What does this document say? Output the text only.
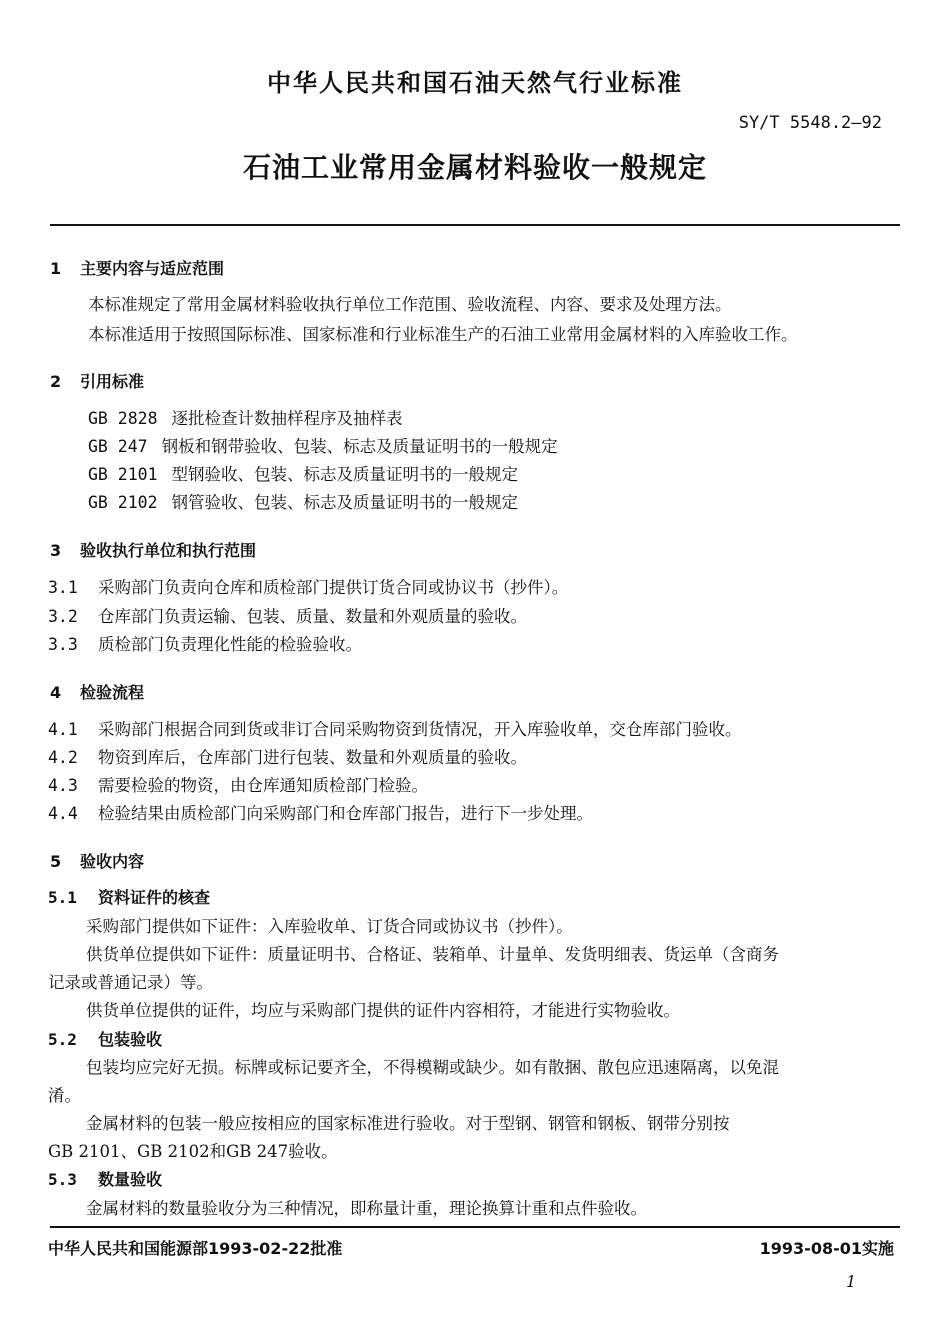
中华人民共和国石油天然气行业标准
SY/T 5548.2—92
石油工业常用金属材料验收一般规定
1 主要内容与适应范围
本标准规定了常用金属材料验收执行单位工作范围、验收流程、内容、要求及处理方法。
本标准适用于按照国际标准、国家标准和行业标准生产的石油工业常用金属材料的入库验收工作。
2 引用标准
GB 2828 逐批检查计数抽样程序及抽样表
GB 247 钢板和钢带验收、包装、标志及质量证明书的一般规定
GB 2101 型钢验收、包装、标志及质量证明书的一般规定
GB 2102 钢管验收、包装、标志及质量证明书的一般规定
3 验收执行单位和执行范围
3.1 采购部门负责向仓库和质检部门提供订货合同或协议书（抄件）。
3.2 仓库部门负责运输、包装、质量、数量和外观质量的验收。
3.3 质检部门负责理化性能的检验验收。
4 检验流程
4.1 采购部门根据合同到货或非订合同采购物资到货情况，开入库验收单，交仓库部门验收。
4.2 物资到库后，仓库部门进行包装、数量和外观质量的验收。
4.3 需要检验的物资，由仓库通知质检部门检验。
4.4 检验结果由质检部门向采购部门和仓库部门报告，进行下一步处理。
5 验收内容
5.1 资料证件的核查
采购部门提供如下证件：入库验收单、订货合同或协议书（抄件）。
供货单位提供如下证件：质量证明书、合格证、装箱单、计量单、发货明细表、货运单（含商务
记录或普通记录）等。
供货单位提供的证件，均应与采购部门提供的证件内容相符，才能进行实物验收。
5.2 包装验收
包装均应完好无损。标牌或标记要齐全，不得模糊或缺少。如有散捆、散包应迅速隔离，以免混
淆。
金属材料的包装一般应按相应的国家标准进行验收。对于型钢、钢管和钢板、钢带分别按
GB 2101、GB 2102和GB 247验收。
5.3 数量验收
金属材料的数量验收分为三种情况，即称量计重，理论换算计重和点件验收。
中华人民共和国能源部1993-02-22批准	1993-08-01实施
1
